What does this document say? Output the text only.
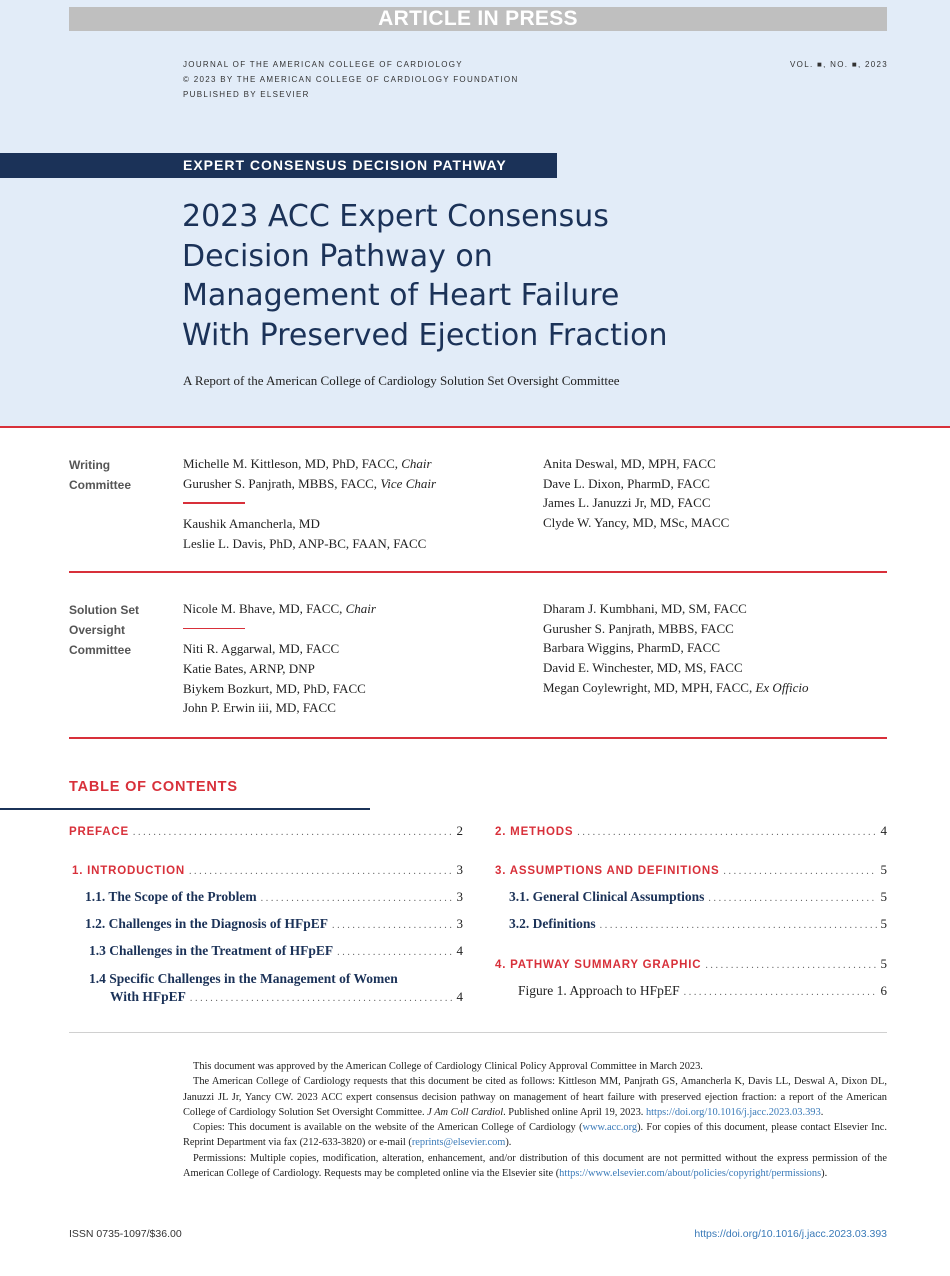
ARTICLE IN PRESS
JOURNAL OF THE AMERICAN COLLEGE OF CARDIOLOGY
© 2023 BY THE AMERICAN COLLEGE OF CARDIOLOGY FOUNDATION
PUBLISHED BY ELSEVIER
VOL. ■, NO. ■, 2023
EXPERT CONSENSUS DECISION PATHWAY
2023 ACC Expert Consensus
Decision Pathway on
Management of Heart Failure
With Preserved Ejection Fraction
A Report of the American College of Cardiology Solution Set Oversight Committee
Writing
Committee
Michelle M. Kittleson, MD, PhD, FACC, Chair
Gurusher S. Panjrath, MBBS, FACC, Vice Chair
Kaushik Amancherla, MD
Leslie L. Davis, PhD, ANP-BC, FAAN, FACC
Anita Deswal, MD, MPH, FACC
Dave L. Dixon, PharmD, FACC
James L. Januzzi Jr, MD, FACC
Clyde W. Yancy, MD, MSc, MACC
Solution Set
Oversight
Committee
Nicole M. Bhave, MD, FACC, Chair
Niti R. Aggarwal, MD, FACC
Katie Bates, ARNP, DNP
Biykem Bozkurt, MD, PhD, FACC
John P. Erwin iii, MD, FACC
Dharam J. Kumbhani, MD, SM, FACC
Gurusher S. Panjrath, MBBS, FACC
Barbara Wiggins, PharmD, FACC
David E. Winchester, MD, MS, FACC
Megan Coylewright, MD, MPH, FACC, Ex Officio
TABLE OF CONTENTS
PREFACE .....	2
1. INTRODUCTION .....	3
1.1. The Scope of the Problem .....	3
1.2. Challenges in the Diagnosis of HFpEF .....	3
1.3 Challenges in the Treatment of HFpEF .....	4
1.4 Specific Challenges in the Management of Women
With HFpEF .....	4
2. METHODS .....	4
3. ASSUMPTIONS AND DEFINITIONS .....	5
3.1. General Clinical Assumptions .....	5
3.2. Definitions .....	5
4. PATHWAY SUMMARY GRAPHIC .....	5
Figure 1. Approach to HFpEF .....	6

This document was approved by the American College of Cardiology Clinical Policy Approval Committee in March 2023.

The American College of Cardiology requests that this document be cited as follows: Kittleson MM, Panjrath GS, Amancherla K, Davis LL, Deswal A, Dixon DL, Januzzi JL Jr, Yancy CW. 2023 ACC expert consensus decision pathway on management of heart failure with preserved ejection fraction: a report of the American College of Cardiology Solution Set Oversight Committee. J Am Coll Cardiol. Published online April 19, 2023. https://doi.org/10.1016/j.jacc.2023.03.393.

Copies: This document is available on the website of the American College of Cardiology (www.acc.org). For copies of this document, please contact Elsevier Inc. Reprint Department via fax (212-633-3820) or e-mail (reprints@elsevier.com).

Permissions: Multiple copies, modification, alteration, enhancement, and/or distribution of this document are not permitted without the express permission of the American College of Cardiology. Requests may be completed online via the Elsevier site (https://www.elsevier.com/about/policies/copyright/permissions).

ISSN 0735-1097/$36.00	https://doi.org/10.1016/j.jacc.2023.03.393
